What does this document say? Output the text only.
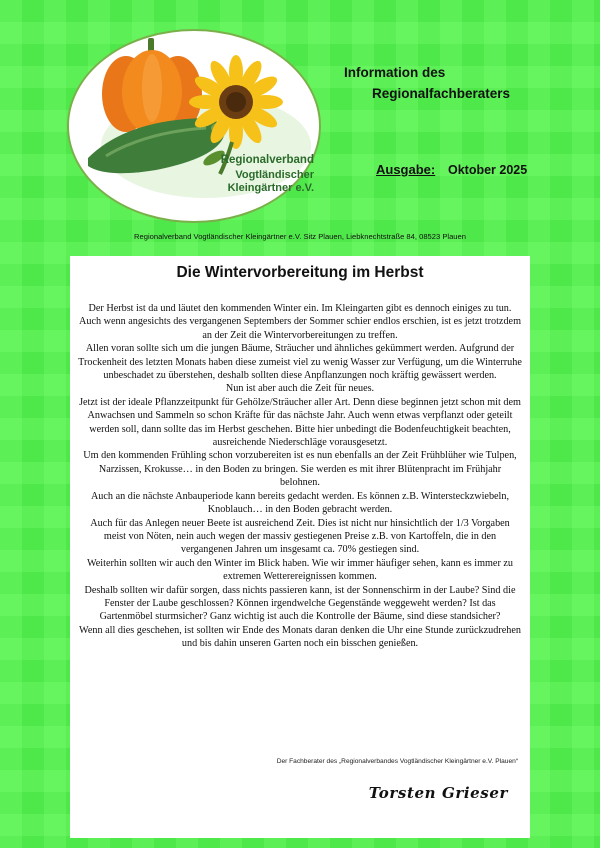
Regionalverband
Vogtländischer Kleingärtner e.V.
Information des
Regionalfachberaters
Ausgabe: Oktober 2025
Regionalverband Vogtländischer Kleingärtner e.V. Sitz Plauen, Liebknechtstraße 84, 08523 Plauen
Die Wintervorbereitung im Herbst

Der Herbst ist da und läutet den kommenden Winter ein. Im Kleingarten gibt es dennoch einiges zu tun.

Auch wenn angesichts des vergangenen Septembers der Sommer schier endlos erschien, ist es jetzt trotzdem an der Zeit die Wintervorbereitungen zu treffen.

Allen voran sollte sich um die jungen Bäume, Sträucher und ähnliches gekümmert werden. Aufgrund der Trockenheit des letzten Monats haben diese zumeist viel zu wenig Wasser zur Verfügung, um die Winterruhe unbeschadet zu überstehen, deshalb sollten diese Anpflanzungen noch kräftig gewässert werden.

Nun ist aber auch die Zeit für neues.

Jetzt ist der ideale Pflanzzeitpunkt für Gehölze/Sträucher aller Art. Denn diese beginnen jetzt schon mit dem Anwachsen und Sammeln so schon Kräfte für das nächste Jahr. Auch wenn etwas verpflanzt oder geteilt werden soll, dann sollte das im Herbst geschehen. Bitte hier unbedingt die Bodenfeuchtigkeit beachten, ausreichende Niederschläge vorausgesetzt.

Um den kommenden Frühling schon vorzubereiten ist es nun ebenfalls an der Zeit Frühblüher wie Tulpen, Narzissen, Krokusse… in den Boden zu bringen. Sie werden es mit ihrer Blütenpracht im Frühjahr belohnen.

Auch an die nächste Anbauperiode kann bereits gedacht werden. Es können z.B. Wintersteckzwiebeln, Knoblauch… in den Boden gebracht werden.

Auch für das Anlegen neuer Beete ist ausreichend Zeit. Dies ist nicht nur hinsichtlich der 1/3 Vorgaben meist von Nöten, nein auch wegen der massiv gestiegenen Preise z.B. von Kartoffeln, die in den vergangenen Jahren um insgesamt ca. 70% gestiegen sind.

Weiterhin sollten wir auch den Winter im Blick haben. Wie wir immer häufiger sehen, kann es immer zu extremen Wetterereignissen kommen.

Deshalb sollten wir dafür sorgen, dass nichts passieren kann, ist der Sonnenschirm in der Laube? Sind die Fenster der Laube geschlossen? Können irgendwelche Gegenstände weggeweht werden? Ist das Gartenmöbel sturmsicher? Ganz wichtig ist auch die Kontrolle der Bäume, sind diese standsicher?

Wenn all dies geschehen, ist sollten wir Ende des Monats daran denken die Uhr eine Stunde zurückzudrehen und bis dahin unseren Garten noch ein bisschen genießen.

Der Fachberater des „Regionalverbandes Vogtländischer Kleingärtner e.V. Plauen“
Torsten Grieser
